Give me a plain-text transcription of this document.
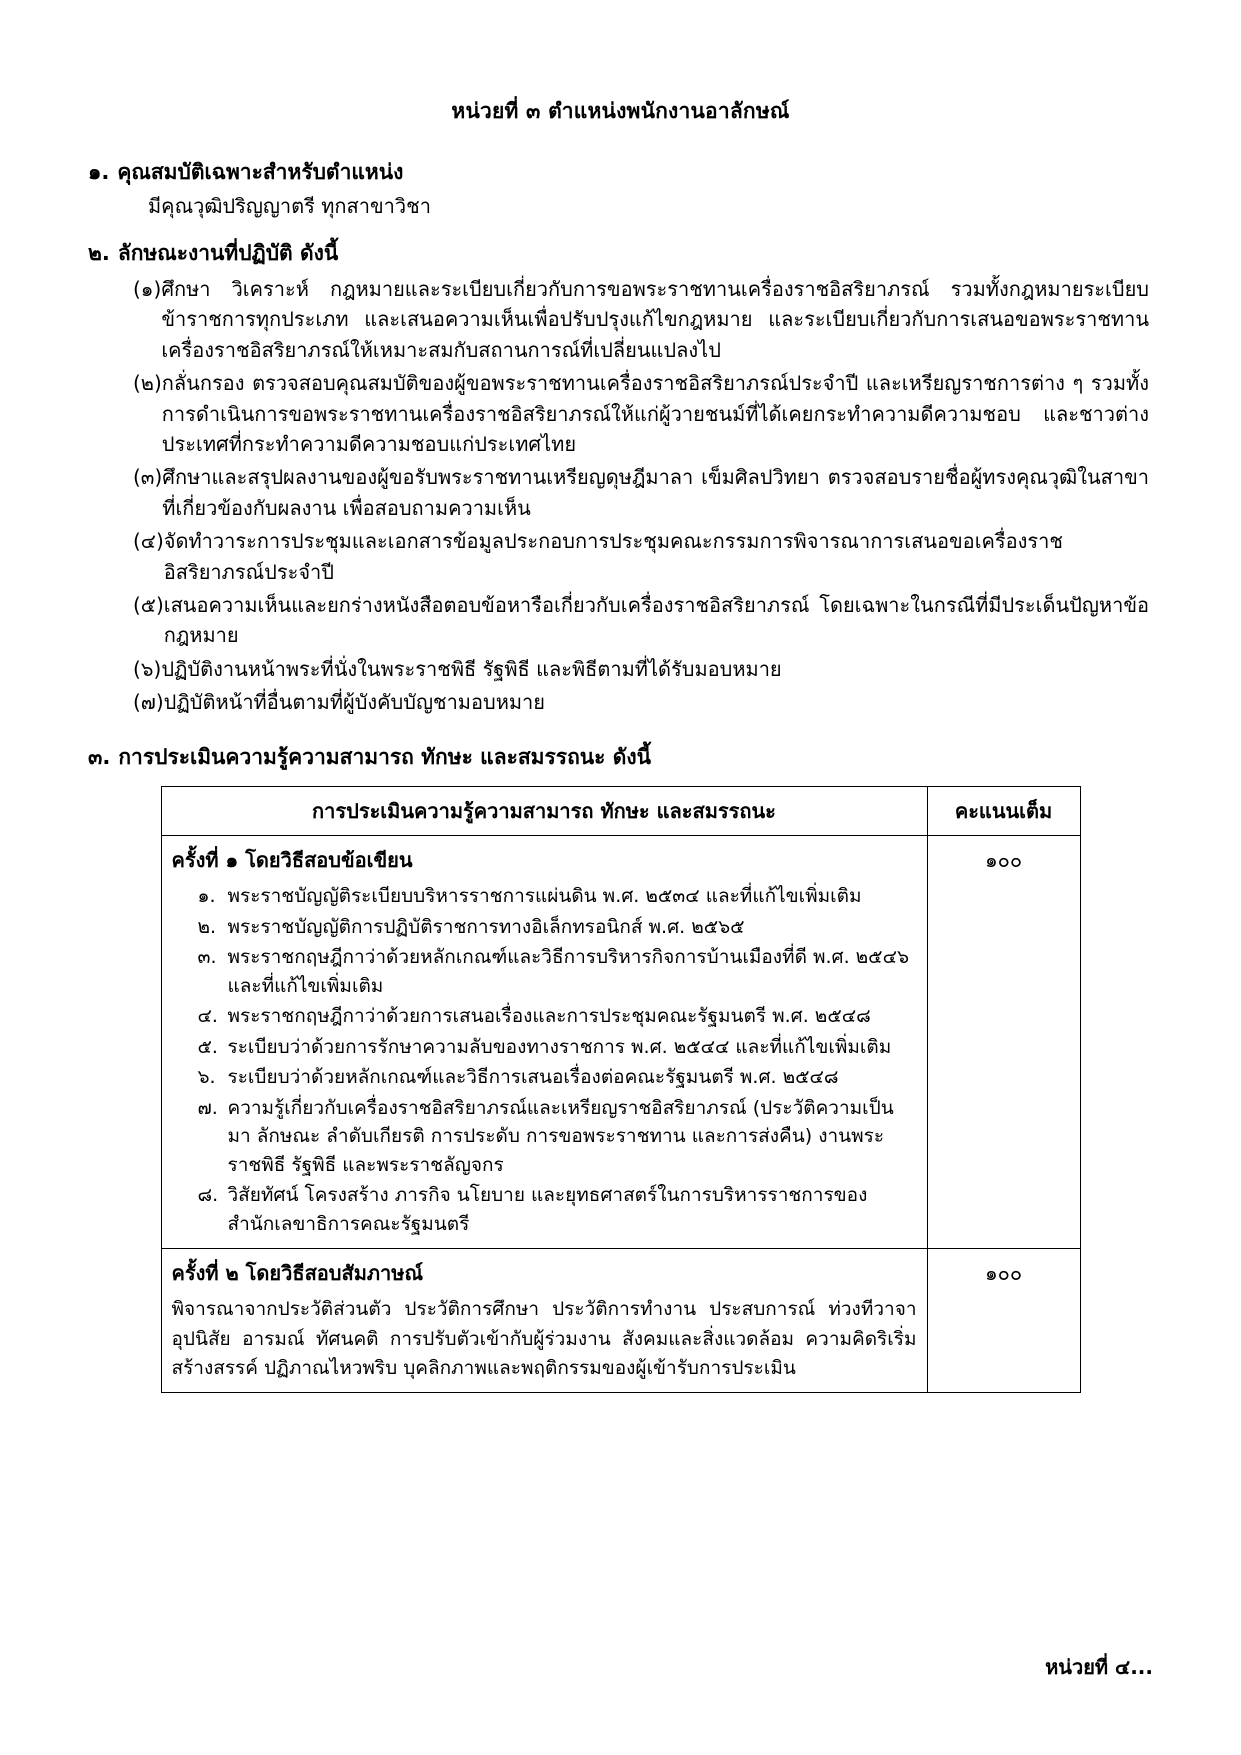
หน่วยที่ ๓ ตำแหน่งพนักงานอาลักษณ์
๑. คุณสมบัติเฉพาะสำหรับตำแหน่ง
มีคุณวุฒิปริญญาตรี ทุกสาขาวิชา
๒. ลักษณะงานที่ปฏิบัติ ดังนี้
(๑) ศึกษา วิเคราะห์ กฎหมายและระเบียบเกี่ยวกับการขอพระราชทานเครื่องราชอิสริยาภรณ์ รวมทั้งกฎหมายระเบียบข้าราชการทุกประเภท และเสนอความเห็นเพื่อปรับปรุงแก้ไขกฎหมาย และระเบียบเกี่ยวกับการเสนอขอพระราชทานเครื่องราชอิสริยาภรณ์ให้เหมาะสมกับสถานการณ์ที่เปลี่ยนแปลงไป
(๒) กลั่นกรอง ตรวจสอบคุณสมบัติของผู้ขอพระราชทานเครื่องราชอิสริยาภรณ์ประจำปี และเหรียญราชการต่าง ๆ รวมทั้งการดำเนินการขอพระราชทานเครื่องราชอิสริยาภรณ์ให้แก่ผู้วายชนม์ที่ได้เคยกระทำความดีความชอบ และชาวต่างประเทศที่กระทำความดีความชอบแก่ประเทศไทย
(๓) ศึกษาและสรุปผลงานของผู้ขอรับพระราชทานเหรียญดุษฎีมาลา เข็มศิลปวิทยา ตรวจสอบรายชื่อผู้ทรงคุณวุฒิในสาขาที่เกี่ยวข้องกับผลงาน เพื่อสอบถามความเห็น
(๔) จัดทำวาระการประชุมและเอกสารข้อมูลประกอบการประชุมคณะกรรมการพิจารณาการเสนอขอเครื่องราชอิสริยาภรณ์ประจำปี
(๕) เสนอความเห็นและยกร่างหนังสือตอบข้อหารือเกี่ยวกับเครื่องราชอิสริยาภรณ์ โดยเฉพาะในกรณีที่มีประเด็นปัญหาข้อกฎหมาย
(๖) ปฏิบัติงานหน้าพระที่นั่งในพระราชพิธี รัฐพิธี และพิธีตามที่ได้รับมอบหมาย
(๗) ปฏิบัติหน้าที่อื่นตามที่ผู้บังคับบัญชามอบหมาย
๓. การประเมินความรู้ความสามารถ ทักษะ และสมรรถนะ ดังนี้
การประเมินความรู้ความสามารถ ทักษะ และสมรรถนะ	คะแนนเต็ม

ครั้งที่ ๑ โดยวิธีสอบข้อเขียน
๑. พระราชบัญญัติระเบียบบริหารราชการแผ่นดิน พ.ศ. ๒๕๓๔ และที่แก้ไขเพิ่มเติม
๒. พระราชบัญญัติการปฏิบัติราชการทางอิเล็กทรอนิกส์ พ.ศ. ๒๕๖๕
๓. พระราชกฤษฎีกาว่าด้วยหลักเกณฑ์และวิธีการบริหารกิจการบ้านเมืองที่ดี พ.ศ. ๒๕๔๖ และที่แก้ไขเพิ่มเติม
๔. พระราชกฤษฎีกาว่าด้วยการเสนอเรื่องและการประชุมคณะรัฐมนตรี พ.ศ. ๒๕๔๘
๕. ระเบียบว่าด้วยการรักษาความลับของทางราชการ พ.ศ. ๒๕๔๔ และที่แก้ไขเพิ่มเติม
๖. ระเบียบว่าด้วยหลักเกณฑ์และวิธีการเสนอเรื่องต่อคณะรัฐมนตรี พ.ศ. ๒๕๔๘
๗. ความรู้เกี่ยวกับเครื่องราชอิสริยาภรณ์และเหรียญราชอิสริยาภรณ์ (ประวัติความเป็นมา ลักษณะ ลำดับเกียรติ การประดับ การขอพระราชทาน และการส่งคืน) งานพระราชพิธี รัฐพิธี และพระราชลัญจกร
๘. วิสัยทัศน์ โครงสร้าง ภารกิจ นโยบาย และยุทธศาสตร์ในการบริหารราชการของสำนักเลขาธิการคณะรัฐมนตรี
	๑๐๐

ครั้งที่ ๒ โดยวิธีสอบสัมภาษณ์
พิจารณาจากประวัติส่วนตัว ประวัติการศึกษา ประวัติการทำงาน ประสบการณ์ ท่วงทีวาจา อุปนิสัย อารมณ์ ทัศนคติ การปรับตัวเข้ากับผู้ร่วมงาน สังคมและสิ่งแวดล้อม ความคิดริเริ่มสร้างสรรค์ ปฏิภาณไหวพริบ บุคลิกภาพและพฤติกรรมของผู้เข้ารับการประเมิน	๑๐๐
หน่วยที่ ๔...
